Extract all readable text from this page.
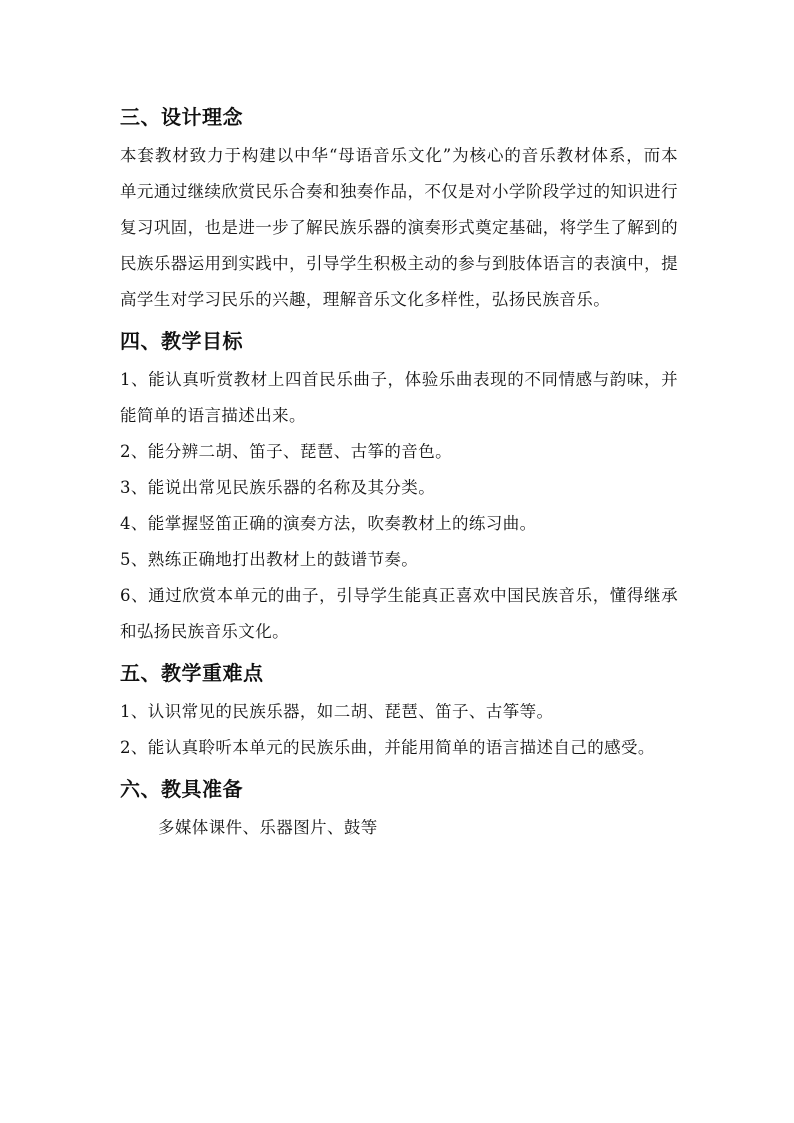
三、设计理念

本套教材致力于构建以中华“母语音乐文化”为核心的音乐教材体系，而本单元通过继续欣赏民乐合奏和独奏作品，不仅是对小学阶段学过的知识进行复习巩固，也是进一步了解民族乐器的演奏形式奠定基础，将学生了解到的民族乐器运用到实践中，引导学生积极主动的参与到肢体语言的表演中，提高学生对学习民乐的兴趣，理解音乐文化多样性，弘扬民族音乐。

四、教学目标

1、能认真听赏教材上四首民乐曲子，体验乐曲表现的不同情感与韵味，并能简单的语言描述出来。

2、能分辨二胡、笛子、琵琶、古筝的音色。

3、能说出常见民族乐器的名称及其分类。

4、能掌握竖笛正确的演奏方法，吹奏教材上的练习曲。

5、熟练正确地打出教材上的鼓谱节奏。

6、通过欣赏本单元的曲子，引导学生能真正喜欢中国民族音乐，懂得继承和弘扬民族音乐文化。

五、教学重难点

1、认识常见的民族乐器，如二胡、琵琶、笛子、古筝等。

2、能认真聆听本单元的民族乐曲，并能用简单的语言描述自己的感受。

六、教具准备

多媒体课件、乐器图片、鼓等
